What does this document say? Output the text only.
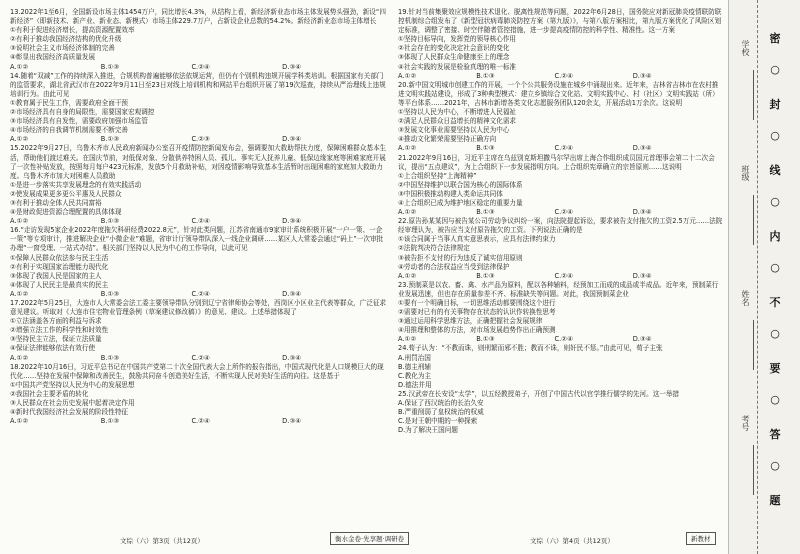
13.2022年1至6月，全国新设市场主体1454万户，同比增长4.3%，从结构上看，新经济新业态市场主体发展势头强劲，新设“四新经济”（即新技术、新产业、新业态、新模式）市场主体229.7万户，占新设企业总数的54.2%。新经济新业态市场主体增长

①有利于促进经济增长，提高资源配置效率

②有利于推动我国经济结构的优化升级

③说明社会主义市场经济体制的完善

④彰显出我国经济高质量发展

A.①②	B.①③	C.②④	D.③④

14.随着“双减”工作的持续深入推进，合规机构普遍能够依法依规运营，但仍有个别机构违规开展学科类培训。根据国家有关部门的监管要求，湖北省武汉市在2022年9月11日至23日对线上培训机构和网站平台组织开展了第19次巡查，持续从严治理线上违规培训行为。由此可见

①教育属于民生工作，需要政府全面干预

②市场经济具有自身的局限性，需要国家宏观调控

③市场经济具有自发性，需要政府加强市场监管

④市场经济的自我调节机制需要不断完善

A.①②	B.①③	C.②③	D.③④

15.2022年9月27日，乌鲁木齐市人民政府新闻办公室召开疫情防控新闻发布会，强调要加大救助帮扶力度，保障困难群众基本生活，帮助他们渡过难关。在国庆节前，对低保对象、分散供养特困人员、孤儿、事实无人抚养儿童、低保边缘家庭等困难家庭开展了一次性补贴发放，按照每月每户423元标准，发放5个月救助补贴，对因疫情影响导致基本生活暂时出现困难的家庭加大救助力度。乌鲁木齐市加大对困难人员救助

①是进一步落实共享发展理念的有效实践活动

②使发展成果更多更公平惠及人民群众

③有利于推动全体人民共同富裕

④是财政促进资源合理配置的具体体现

A.①②	B.①③	C.②④	D.③④

16.“走访发现5家企业2022年度拖欠科研经费2022.8元”，针对此类问题，江苏省南通市9家审计系统积极开展“一户一策、一企一策”等专项审计，推进解决企业“小微企业”难题，省审计厅领导带队深入一线企业调研……某区人大常委会通过“码上”一次审批办理“一窗受理、一站式办结”。相关部门坚持以人民为中心的工作导向，以此可见

①保障人民群众依法参与民主生活

②有利于实现国家治理能力现代化

③体现了我国人民是国家的主人

④体现了人民民主是最真实的民主

A.①②	B.①③	C.②④	D.③④

17.2022年5月25日，大连市人大常委会法工委主要领导带队分别到辽宁省律师协会等处，西岗区小区业主代表等群众，广泛征求意见建议。听取对《大连市住宅物业管理条例（草案建议修改稿）》的意见、建议。上述举措体现了

①立法涵盖各方面的利益与诉求

②增强立法工作的科学性和时效性

③坚持民主立法，保证立法质量

④保证法律能够依法有效行使

A.①②	B.①③	C.②④	D.③④

18.2022年10月16日，习近平总书记在中国共产党第二十次全国代表大会上所作的报告指出，中国式现代化是人口规模巨大的现代化……坚持在发展中保障和改善民生，鼓励共同奋斗创造美好生活，不断实现人民对美好生活的向往。这是基于

①中国共产党坚持以人民为中心的发展思想

②我国社会主要矛盾的转化

③人民群众在社会历史发展中起着决定作用

④新时代我国经济社会发展的阶段性特征

A.①②	B.①③	C.②④	D.③④

19.针对当前集聚效应规模性技术退化、脱离性规范等问题，2022年6月28日，国务院应对新冠肺炎疫情联防联控机制综合组发布了《新型冠状病毒肺炎防控方案（第九版）》，与第八版方案相比，第九版方案优化了风险区划定标准，调整了密接、时空伴随者管控措施，进一步提高疫情防控的科学性、精准性。这一方案

①坚持目标导向，发挥党的领导核心作用

②社会存在的变化决定社会意识的变化

③体现了人民群众生命健康至上的理念

④社会实践的发展是检验真理的唯一标准

A.①②	B.①③	C.②④	D.③④

20.新中国文明城市创建工作的开展，一个个公共服务设施在城乡中涌现出来。近年来，吉林省吉林市在农村推进文明实践站建设，形成了3种典型模式：建立乡镇综合文化站、文明实践中心、村（社区）文明实践站（所）等平台体系……2021年，吉林市新增各类文化志愿服务团队120余支，开展活动1万余次。这说明

①坚持以人民为中心，不断增进人民福祉

②满足人民群众日益增长的精神文化需求

③发展文化事业需要坚持以人民为中心

④推动文化繁荣需要坚持正确方向

A.①②	B.①③	C.②④	D.③④

21.2022年9月16日，习近平主席在乌兹别克斯坦撒马尔罕出席上海合作组织成员国元首理事会第二十二次会议，提出“五点建议”，为上合组织下一步发展指明方向。上合组织宪章确立的宗旨原则……这说明

①上合组织坚持“上海精神”

②中国坚持维护以联合国为核心的国际体系

③中国积极推动构建人类命运共同体

④上合组织已成为维护地区稳定的重要力量

A.①②	B.①③	C.②④	D.③④

22.原告孙某某因与被告某公司劳动争议纠纷一案，向法院提起诉讼，要求被告支付拖欠的工资2.5万元……法院经审理认为，被告应当支付原告拖欠的工资。下列说法正确的是

①该合同属于当事人真实意思表示，应具有法律约束力

②法院判决符合法律规定

③被告拒不支付的行为违反了诚实信用原则

④劳动者的合法权益应当受到法律保护

A.①②	B.①③	C.②④	D.③④

23.预制菜是以农、畜、禽、水产品为原料，配以各种辅料，经预加工而成的成品或半成品。近年来，预制菜行业发展迅速，但也存在质量参差不齐、标准缺失等问题。对此，我国预制菜企业

①要有一个明确目标，一切思维活动都要围绕这个进行

②需要对已有的有关事物存在状态的认识作转换性思考

③通过运用科学思维方法，正确把握社会发展规律

④用推理和整体的方法，对市场发展趋势作出正确预测

A.①②	B.①③	C.②④	D.③④

24.荀子认为：“不教而诛，则刑繁而邪不胜；教而不诛，则奸民不惩。”由此可见，荀子主张

A.刑罚治国

B.德主刑辅

C.教化为主

D.德法并用

25.汉武帝在长安设“太学”，以五经教授弟子，开创了中国古代以官学推行儒学的先河。这一举措

A.保证了西汉统治的长治久安

B.严重削弱了皇权统治的权威

C.是对王朝中期的一种探索

D.为了解决王国问题

文综（六）第3页（共12页）	衡水金卷·先享题·调研卷	文综（六）第4页（共12页）	新教材
学校
班级
姓名
考号
密
○
封
○
线
○
内
○
不
○
要
○
答
○
题
